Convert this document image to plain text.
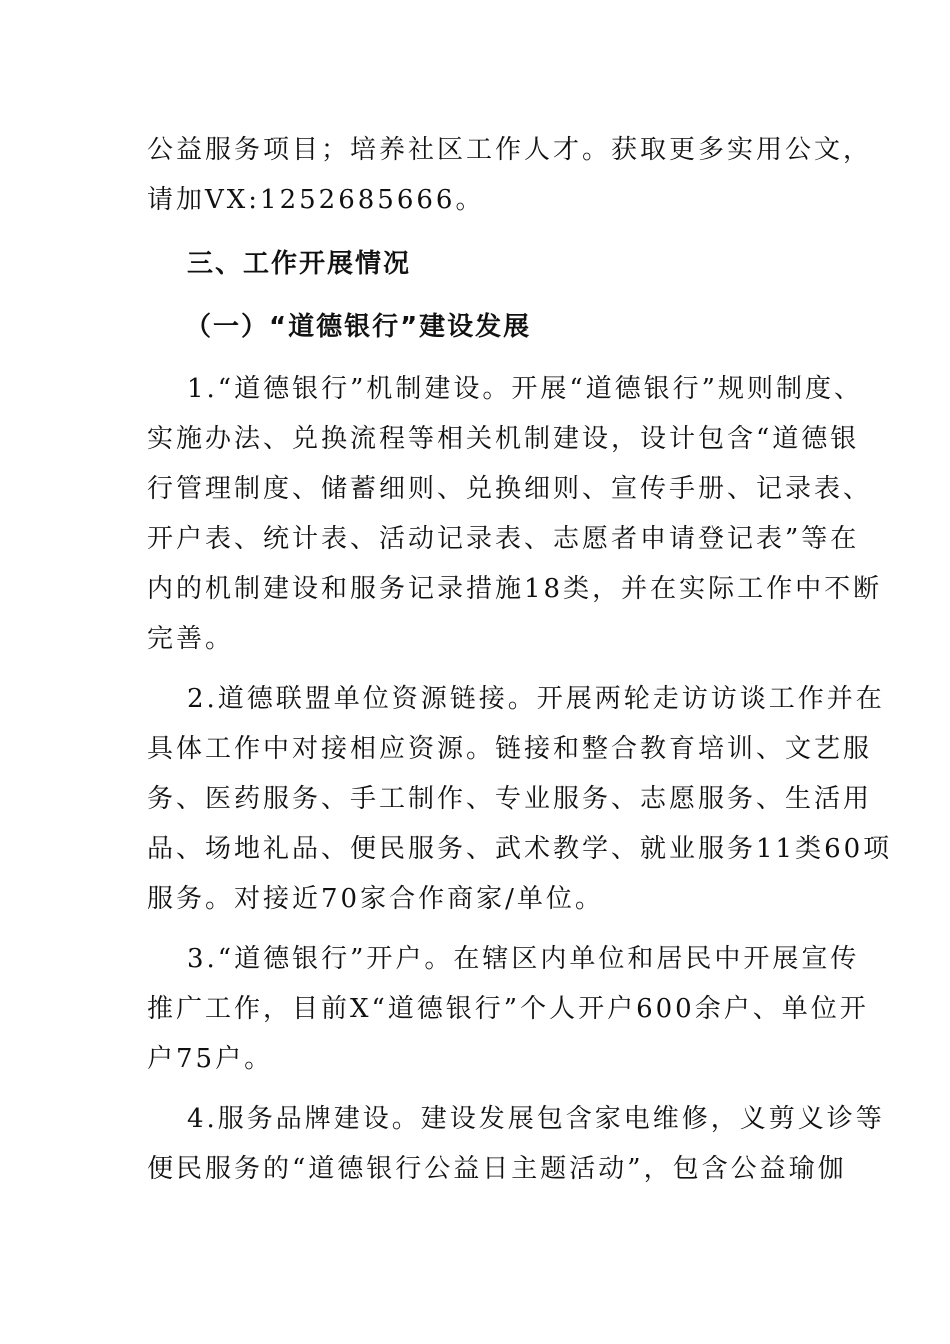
公益服务项目；培养社区工作人才。获取更多实用公文，
请加VX:1252685666。
三、工作开展情况
（一）“道德银行”建设发展
1.“道德银行”机制建设。开展“道德银行”规则制度、
实施办法、兑换流程等相关机制建设，设计包含“道德银
行管理制度、储蓄细则、兑换细则、宣传手册、记录表、
开户表、统计表、活动记录表、志愿者申请登记表”等在
内的机制建设和服务记录措施18类，并在实际工作中不断
完善。
2.道德联盟单位资源链接。开展两轮走访访谈工作并在
具体工作中对接相应资源。链接和整合教育培训、文艺服
务、医药服务、手工制作、专业服务、志愿服务、生活用
品、场地礼品、便民服务、武术教学、就业服务11类60项
服务。对接近70家合作商家/单位。
3.“道德银行”开户。在辖区内单位和居民中开展宣传
推广工作，目前X“道德银行”个人开户600余户、单位开
户75户。
4.服务品牌建设。建设发展包含家电维修，义剪义诊等
便民服务的“道德银行公益日主题活动”，包含公益瑜伽
